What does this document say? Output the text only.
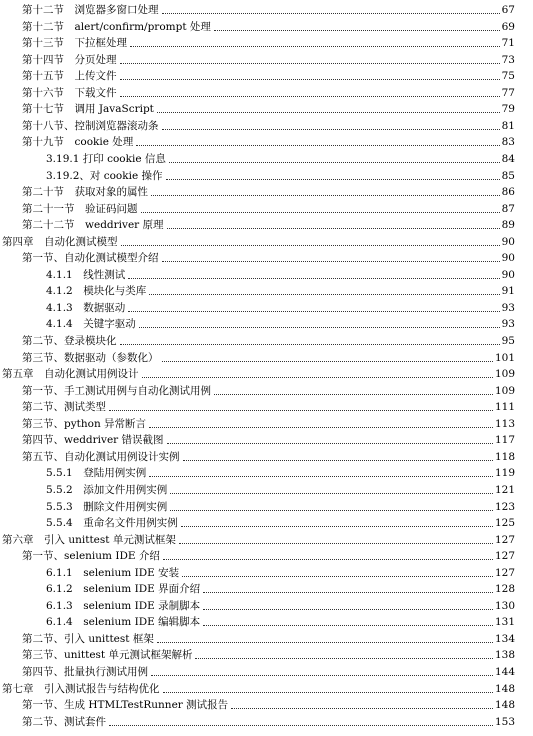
第十二节　浏览器多窗口处理	67
第十二节　alert/confirm/prompt 处理	69
第十三节　下拉框处理	71
第十四节　分页处理	73
第十五节　上传文件	75
第十六节　下载文件	77
第十七节　调用 JavaScript	79
第十八节、控制浏览器滚动条	81
第十九节　cookie 处理	83
3.19.1 打印 cookie 信息	84
3.19.2、对 cookie 操作	85
第二十节　获取对象的属性	86
第二十一节　验证码问题	87
第二十二节　weddriver 原理	89
第四章　自动化测试模型	90
第一节、自动化测试模型介绍	90
4.1.1　线性测试	90
4.1.2　模块化与类库	91
4.1.3　数据驱动	93
4.1.4　关键字驱动	93
第二节、登录模块化	95
第三节、数据驱动（参数化）	101
第五章　自动化测试用例设计	109
第一节、手工测试用例与自动化测试用例	109
第二节、测试类型	111
第三节、python 异常断言	113
第四节、weddriver 错误截图	117
第五节、自动化测试用例设计实例	118
5.5.1　登陆用例实例	119
5.5.2　添加文件用例实例	121
5.5.3　删除文件用例实例	123
5.5.4　重命名文件用例实例	125
第六章　引入 unittest 单元测试框架	127
第一节、selenium IDE 介绍	127
6.1.1　selenium IDE 安装	127
6.1.2　selenium IDE 界面介绍	128
6.1.3　selenium IDE 录制脚本	130
6.1.4　selenium IDE 编辑脚本	131
第二节、引入 unittest 框架	134
第三节、unittest 单元测试框架解析	138
第四节、批量执行测试用例	144
第七章　引入测试报告与结构优化	148
第一节、生成 HTMLTestRunner 测试报告	148
第二节、测试套件	153
